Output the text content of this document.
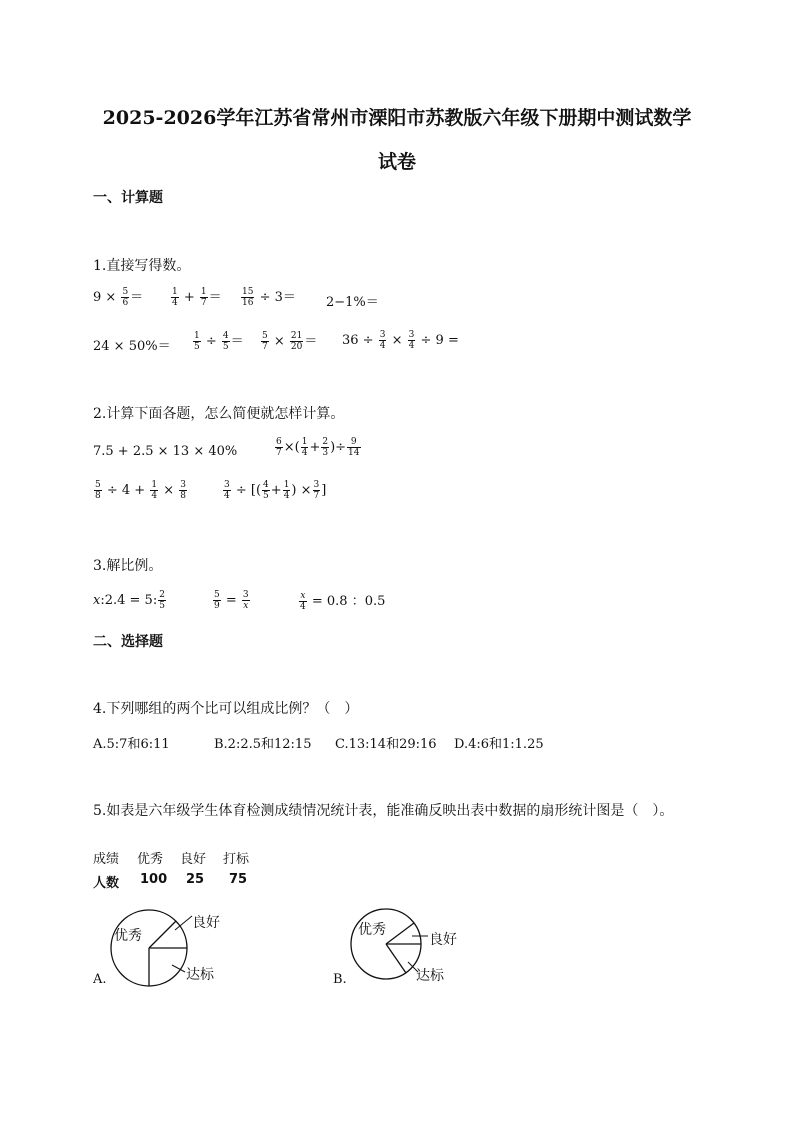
2025-2026学年江苏省常州市溧阳市苏教版六年级下册期中测试数学
试卷
一、计算题
1.直接写得数。
$9 \times \frac{5}{6}$ ＝	$\frac{1}{4} + \frac{1}{7} = \frac{15}{16} \div 3= 2-1\%=$
$24 \times 50\%= \frac{1}{5} \div \frac{4}{5} = \frac{5}{7} \times \frac{21}{20} = 36 \div \frac{3}{4} \times \frac{3}{4} \div 9$ =
2.计算下面各题，怎么简便就怎样计算。
7.5 + 2.5 × 13 × 40%	$\frac{6}{7}$ ×( $\frac{1}{4} + \frac{2}{3}$ )÷ $\frac{9}{14}$
$\frac{5}{8} \div 4 + \frac{1}{4} \times \frac{3}{8}$	$\frac{3}{4}$ ÷ [( $\frac{4}{5} + \frac{1}{4}$ ) × $\frac{3}{7}$ ]
3.解比例。
x:2.4 = 5: $\frac{2}{5}$	$\frac{5}{9} = \frac{3}{x}$	$\frac{x}{4} = 0.8$ ：0.5
二、选择题
4.下列哪组的两个比可以组成比例？（　）
A.5:7和6:11	B.2:2.5和12:15 C.13:14和29:16 D.4:6和1:1.25
5.如表是六年级学生体育检测成绩情况统计表，能准确反映出表中数据的扇形统计图是（　）。
成绩 优秀 良好 打标
人数 100 25 75
优秀
良好
达标
A.
优秀
良好
达标
B.
